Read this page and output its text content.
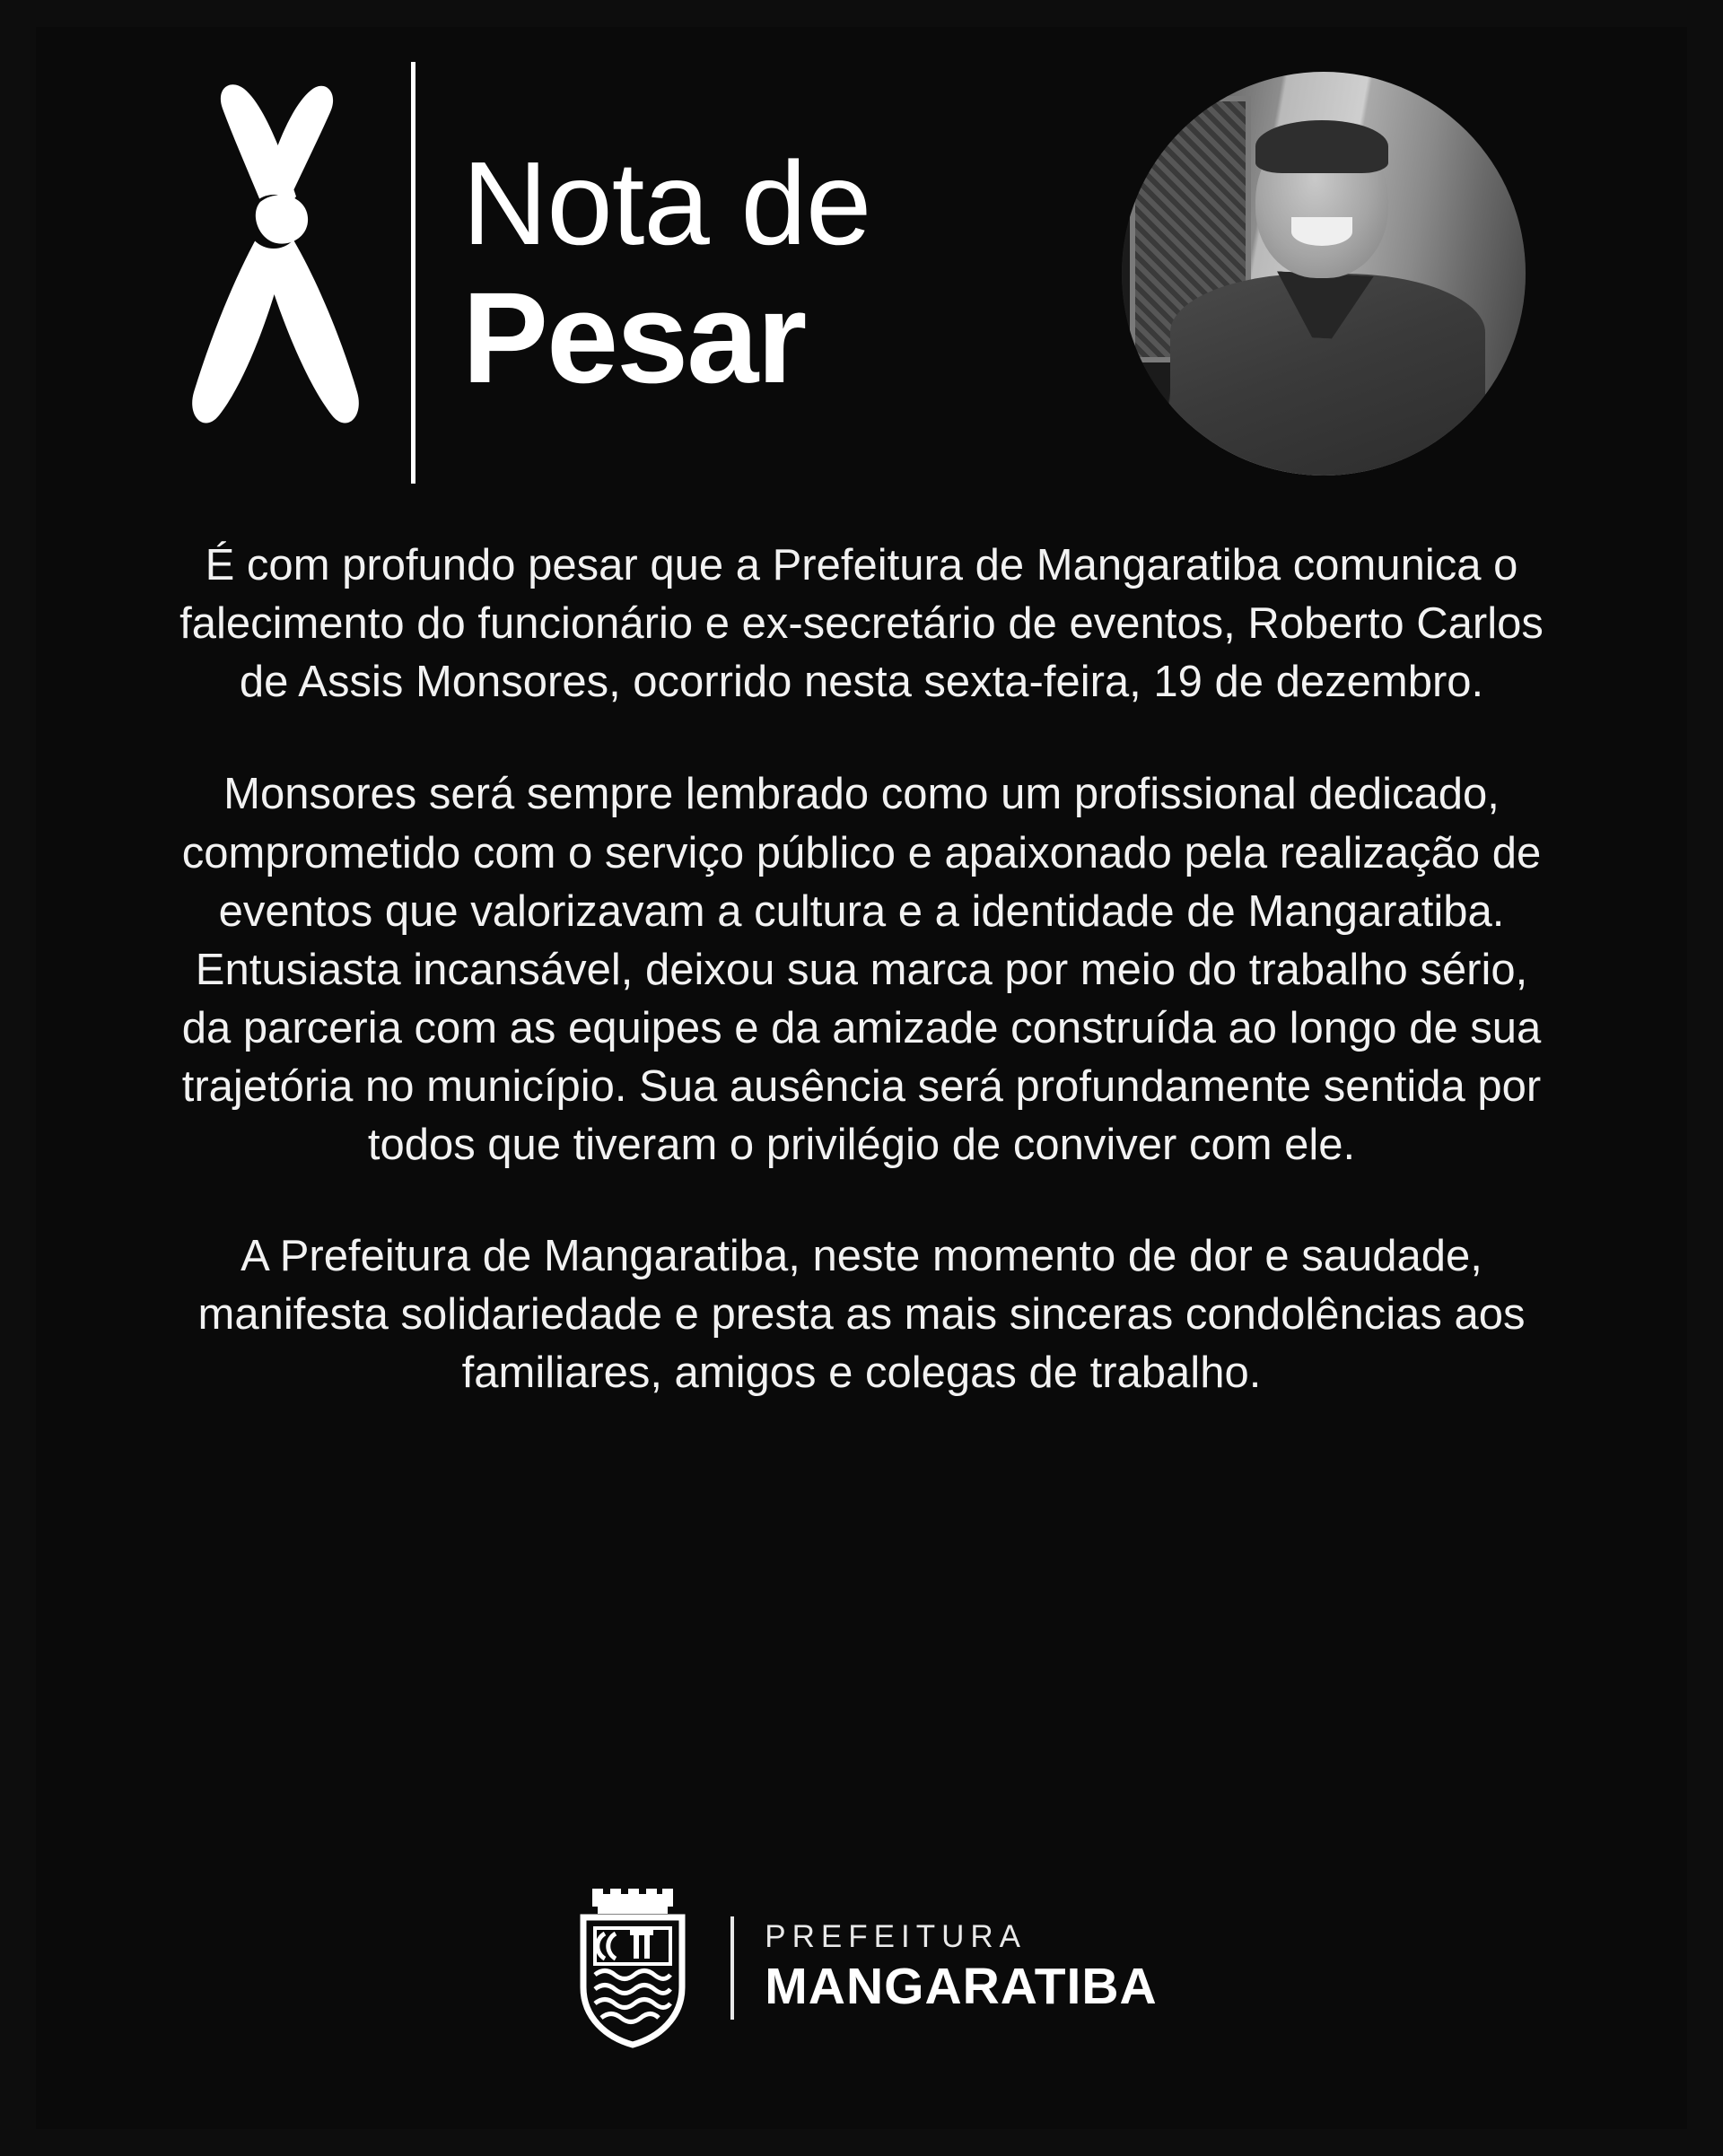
Nota de
Pesar

É com profundo pesar que a Prefeitura de Mangaratiba comunica o falecimento do funcionário e ex-secretário de eventos, Roberto Carlos de Assis Monsores, ocorrido nesta sexta-feira, 19 de dezembro.

Monsores será sempre lembrado como um profissional dedicado, comprometido com o serviço público e apaixonado pela realização de eventos que valorizavam a cultura e a identidade de Mangaratiba. Entusiasta incansável, deixou sua marca por meio do trabalho sério, da parceria com as equipes e da amizade construída ao longo de sua trajetória no município. Sua ausência será profundamente sentida por todos que tiveram o privilégio de conviver com ele.

A Prefeitura de Mangaratiba, neste momento de dor e saudade, manifesta solidariedade e presta as mais sinceras condolências aos familiares, amigos e colegas de trabalho.

PREFEITURA
MANGARATIBA
